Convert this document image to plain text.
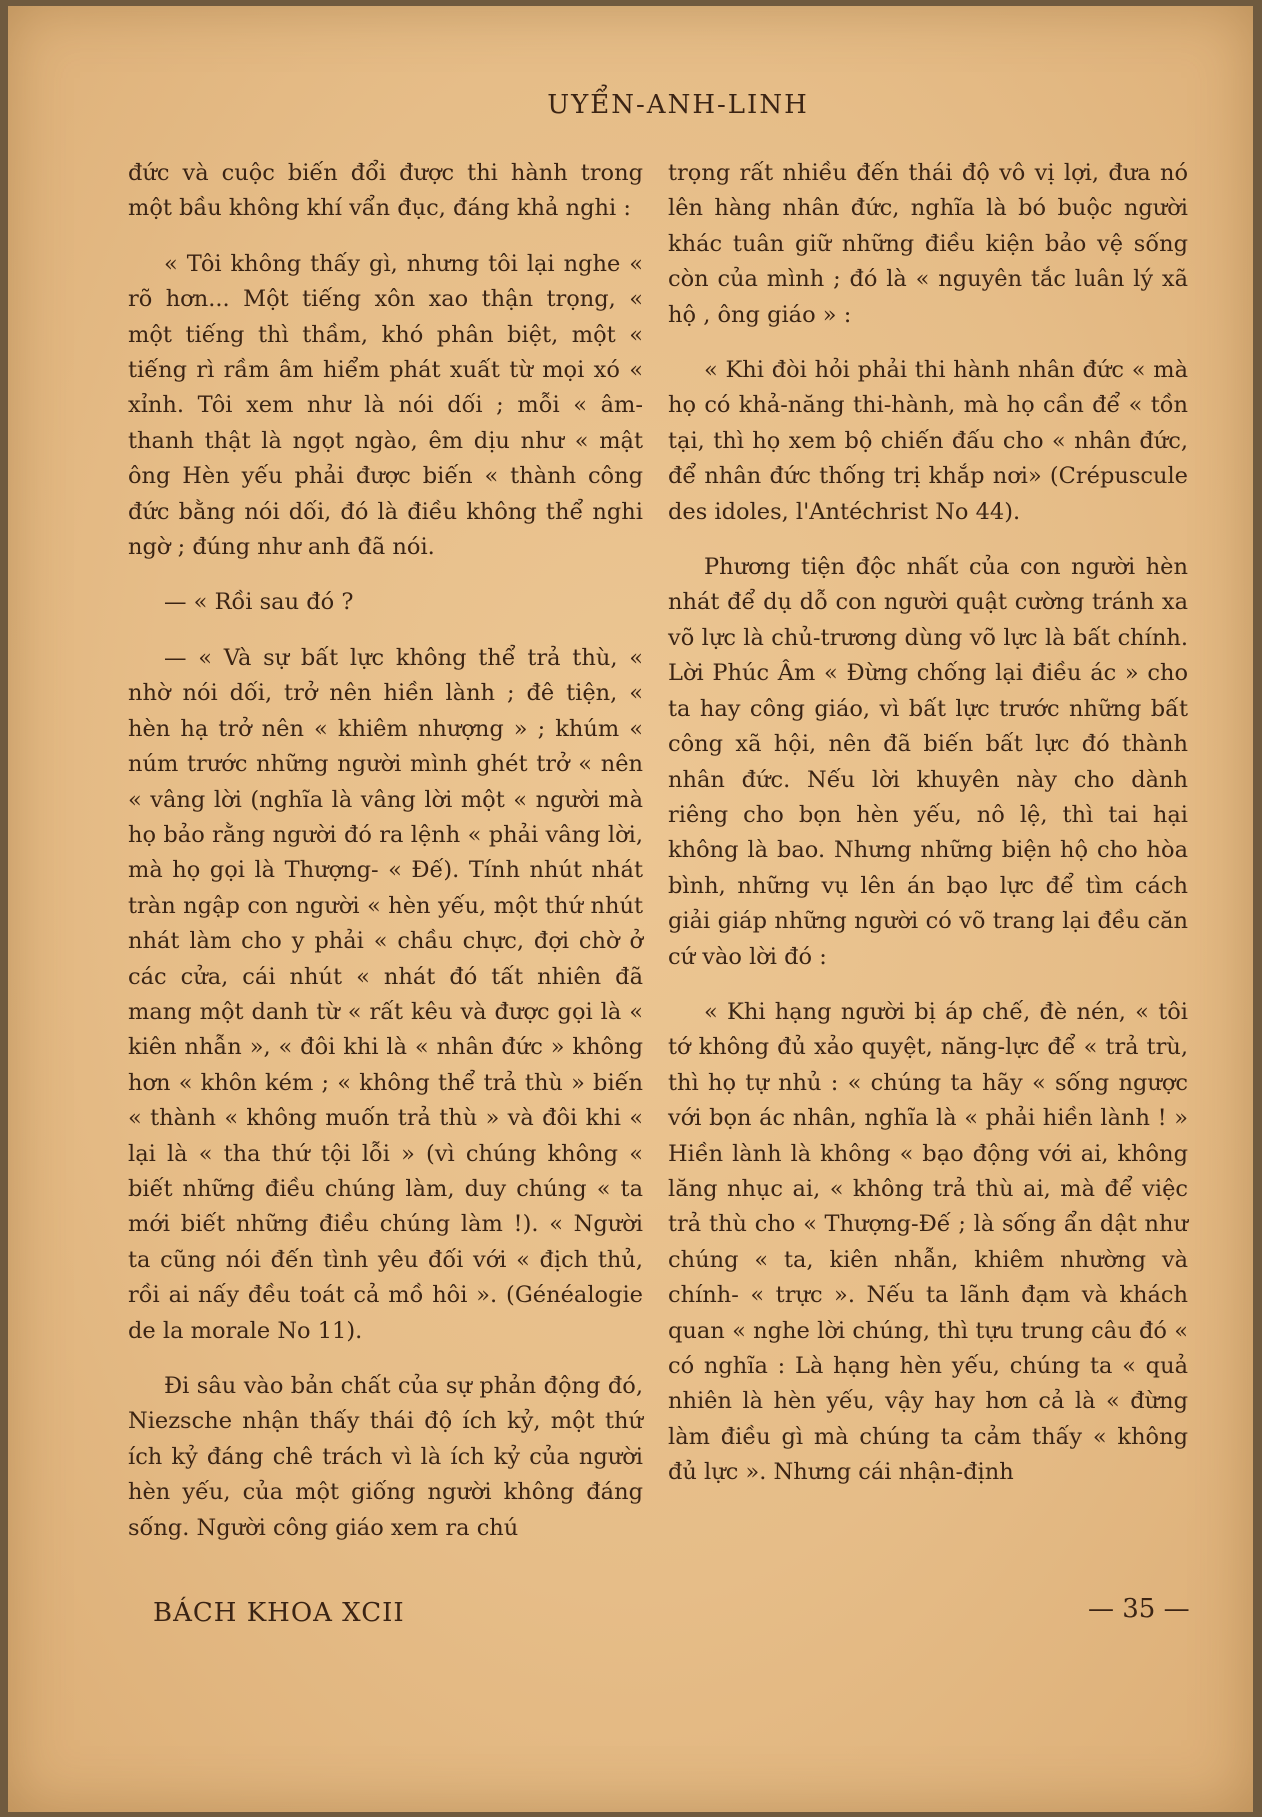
UYỂN-ANH-LINH

đức và cuộc biến đổi được thi hành trong một bầu không khí vẩn đục, đáng khả nghi :

« Tôi không thấy gì, nhưng tôi lại nghe « rõ hơn... Một tiếng xôn xao thận trọng, « một tiếng thì thầm, khó phân biệt, một « tiếng rì rầm âm hiểm phát xuất từ mọi xó « xỉnh. Tôi xem như là nói dối ; mỗi « âm-thanh thật là ngọt ngào, êm dịu như « mật ông Hèn yếu phải được biến « thành công đức bằng nói dối, đó là điều không thể nghi ngờ ; đúng như anh đã nói.

— « Rồi sau đó ?

— « Và sự bất lực không thể trả thù, « nhờ nói dối, trở nên hiền lành ; đê tiện, « hèn hạ trở nên « khiêm nhượng » ; khúm « núm trước những người mình ghét trở « nên « vâng lời (nghĩa là vâng lời một « người mà họ bảo rằng người đó ra lệnh « phải vâng lời, mà họ gọi là Thượng- « Đế). Tính nhút nhát tràn ngập con người « hèn yếu, một thứ nhút nhát làm cho y phải « chầu chực, đợi chờ ở các cửa, cái nhút « nhát đó tất nhiên đã mang một danh từ « rất kêu và được gọi là « kiên nhẫn », « đôi khi là « nhân đức » không hơn « khôn kém ; « không thể trả thù » biến « thành « không muốn trả thù » và đôi khi « lại là « tha thứ tội lỗi » (vì chúng không « biết những điều chúng làm, duy chúng « ta mới biết những điều chúng làm !). « Người ta cũng nói đến tình yêu đối với « địch thủ, rồi ai nấy đều toát cả mồ hôi ». (Généalogie de la morale No 11).

Đi sâu vào bản chất của sự phản động đó, Niezsche nhận thấy thái độ ích kỷ, một thứ ích kỷ đáng chê trách vì là ích kỷ của người hèn yếu, của một giống người không đáng sống. Người công giáo xem ra chú

trọng rất nhiều đến thái độ vô vị lợi, đưa nó lên hàng nhân đức, nghĩa là bó buộc người khác tuân giữ những điều kiện bảo vệ sống còn của mình ; đó là « nguyên tắc luân lý xã hộ , ông giáo » :

« Khi đòi hỏi phải thi hành nhân đức « mà họ có khả-năng thi-hành, mà họ cần để « tồn tại, thì họ xem bộ chiến đấu cho « nhân đức, để nhân đức thống trị khắp nơi» (Crépuscule des idoles, l'Antéchrist No 44).

Phương tiện độc nhất của con người hèn nhát để dụ dỗ con người quật cường tránh xa võ lực là chủ-trương dùng võ lực là bất chính. Lời Phúc Âm « Đừng chống lại điều ác » cho ta hay công giáo, vì bất lực trước những bất công xã hội, nên đã biến bất lực đó thành nhân đức. Nếu lời khuyên này cho dành riêng cho bọn hèn yếu, nô lệ, thì tai hại không là bao. Nhưng những biện hộ cho hòa bình, những vụ lên án bạo lực để tìm cách giải giáp những người có võ trang lại đều căn cứ vào lời đó :

« Khi hạng người bị áp chế, đè nén, « tôi tớ không đủ xảo quyệt, năng-lực để « trả trù, thì họ tự nhủ : « chúng ta hãy « sống ngược với bọn ác nhân, nghĩa là « phải hiền lành ! » Hiền lành là không « bạo động với ai, không lăng nhục ai, « không trả thù ai, mà để việc trả thù cho « Thượng-Đế ; là sống ẩn dật như chúng « ta, kiên nhẫn, khiêm nhường và chính- « trực ». Nếu ta lãnh đạm và khách quan « nghe lời chúng, thì tựu trung câu đó « có nghĩa : Là hạng hèn yếu, chúng ta « quả nhiên là hèn yếu, vậy hay hơn cả là « đừng làm điều gì mà chúng ta cảm thấy « không đủ lực ». Nhưng cái nhận-định

BÁCH KHOA XCII	— 35 —
